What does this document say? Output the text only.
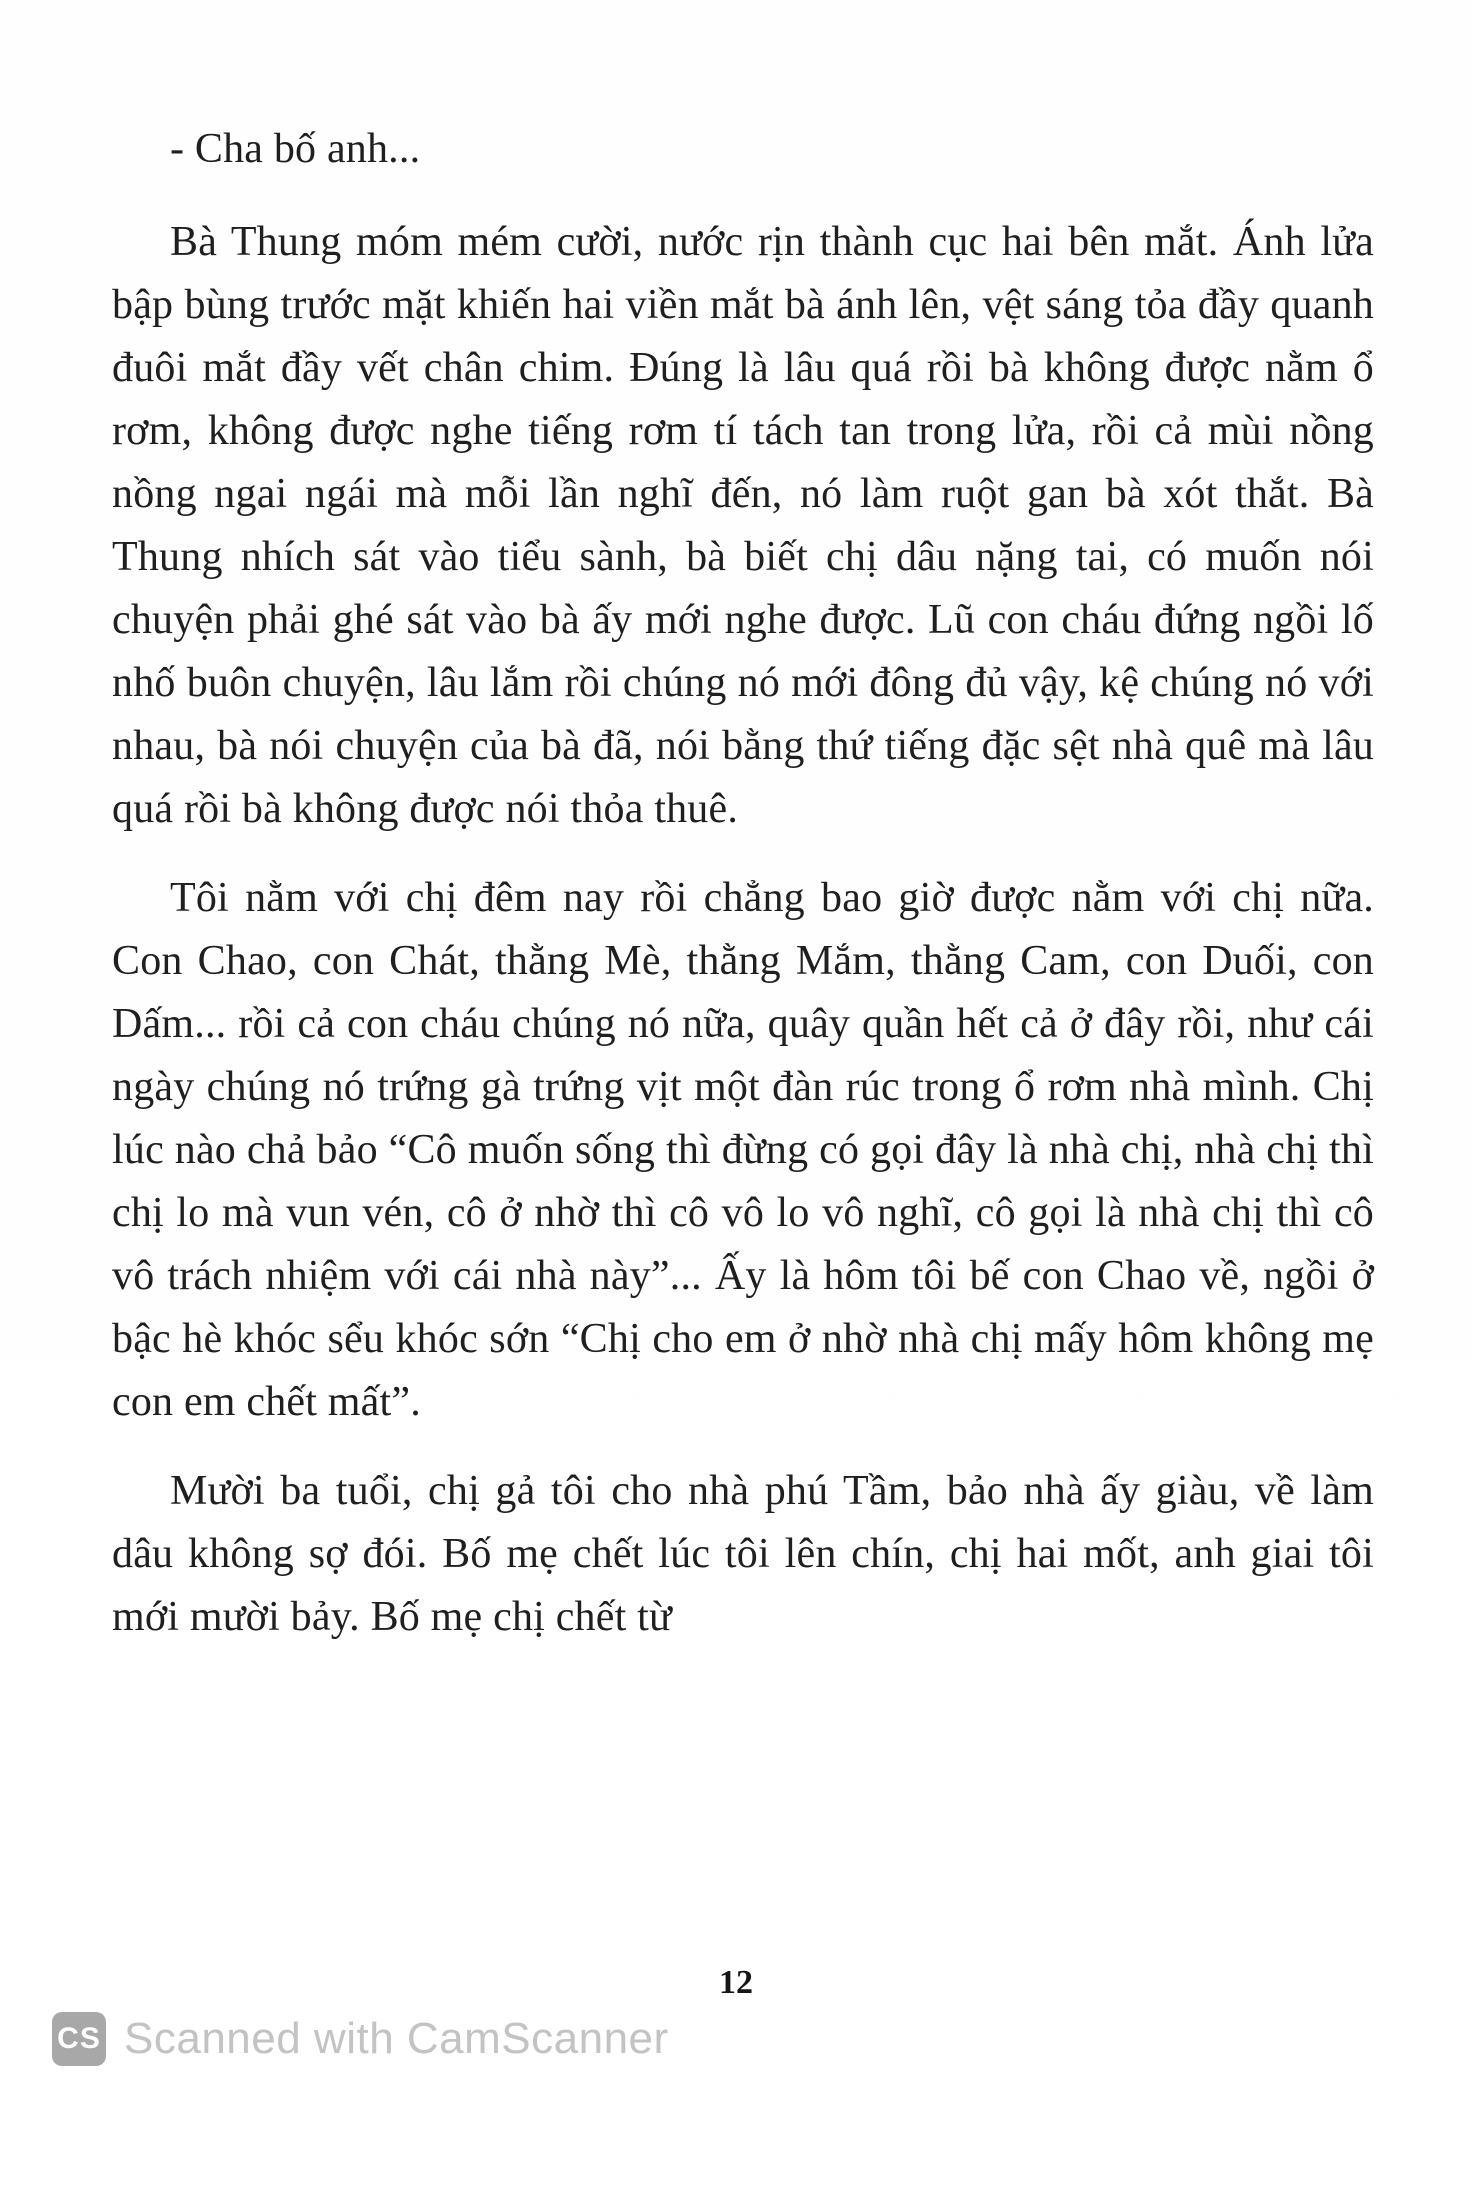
- Cha bố anh...

Bà Thung móm mém cười, nước rịn thành cục hai bên mắt. Ánh lửa bập bùng trước mặt khiến hai viền mắt bà ánh lên, vệt sáng tỏa đầy quanh đuôi mắt đầy vết chân chim. Đúng là lâu quá rồi bà không được nằm ổ rơm, không được nghe tiếng rơm tí tách tan trong lửa, rồi cả mùi nồng nồng ngai ngái mà mỗi lần nghĩ đến, nó làm ruột gan bà xót thắt. Bà Thung nhích sát vào tiểu sành, bà biết chị dâu nặng tai, có muốn nói chuyện phải ghé sát vào bà ấy mới nghe được. Lũ con cháu đứng ngồi lố nhố buôn chuyện, lâu lắm rồi chúng nó mới đông đủ vậy, kệ chúng nó với nhau, bà nói chuyện của bà đã, nói bằng thứ tiếng đặc sệt nhà quê mà lâu quá rồi bà không được nói thỏa thuê.

Tôi nằm với chị đêm nay rồi chẳng bao giờ được nằm với chị nữa. Con Chao, con Chát, thằng Mè, thằng Mắm, thằng Cam, con Duối, con Dấm... rồi cả con cháu chúng nó nữa, quây quần hết cả ở đây rồi, như cái ngày chúng nó trứng gà trứng vịt một đàn rúc trong ổ rơm nhà mình. Chị lúc nào chả bảo “Cô muốn sống thì đừng có gọi đây là nhà chị, nhà chị thì chị lo mà vun vén, cô ở nhờ thì cô vô lo vô nghĩ, cô gọi là nhà chị thì cô vô trách nhiệm với cái nhà này”... Ấy là hôm tôi bế con Chao về, ngồi ở bậc hè khóc sểu khóc sớn “Chị cho em ở nhờ nhà chị mấy hôm không mẹ con em chết mất”.

Mười ba tuổi, chị gả tôi cho nhà phú Tầm, bảo nhà ấy giàu, về làm dâu không sợ đói. Bố mẹ chết lúc tôi lên chín, chị hai mốt, anh giai tôi mới mười bảy. Bố mẹ chị chết từ

12
CS Scanned with CamScanner
